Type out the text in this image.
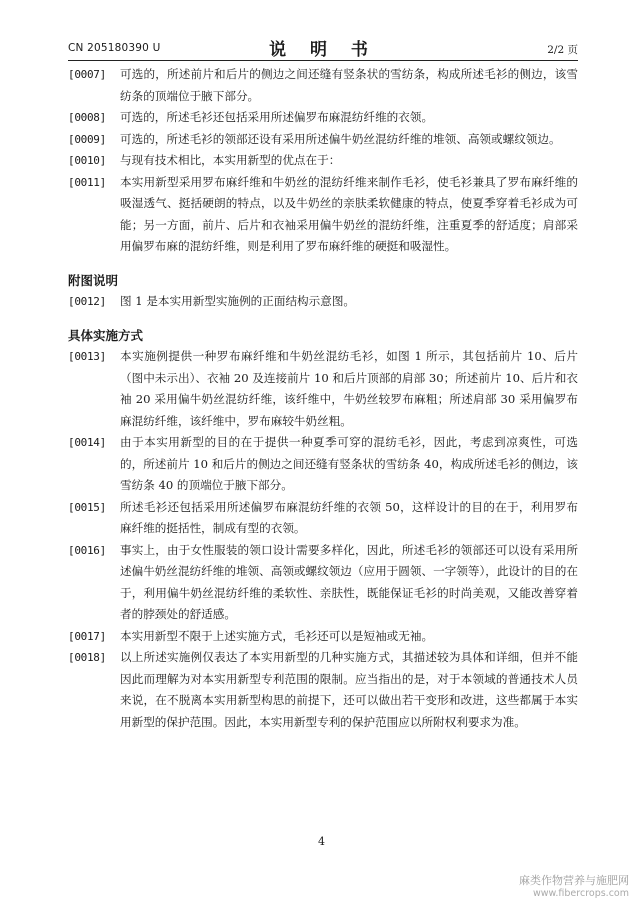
CN 205180390 U	说 明 书	2/2 页

[0007] 可选的，所述前片和后片的侧边之间还缝有竖条状的雪纺条，构成所述毛衫的侧边，该雪纺条的顶端位于腋下部分。

[0008] 可选的，所述毛衫还包括采用所述偏罗布麻混纺纤维的衣领。

[0009] 可选的，所述毛衫的领部还设有采用所述偏牛奶丝混纺纤维的堆领、高领或螺纹领边。

[0010] 与现有技术相比，本实用新型的优点在于：

[0011] 本实用新型采用罗布麻纤维和牛奶丝的混纺纤维来制作毛衫，使毛衫兼具了罗布麻纤维的吸湿透气、挺括硬朗的特点，以及牛奶丝的亲肤柔软健康的特点，使夏季穿着毛衫成为可能；另一方面，前片、后片和衣袖采用偏牛奶丝的混纺纤维，注重夏季的舒适度；肩部采用偏罗布麻的混纺纤维，则是利用了罗布麻纤维的硬挺和吸湿性。

附图说明

[0012] 图 1 是本实用新型实施例的正面结构示意图。

具体实施方式

[0013] 本实施例提供一种罗布麻纤维和牛奶丝混纺毛衫，如图 1 所示，其包括前片 10、后片（图中未示出）、衣袖 20 及连接前片 10 和后片顶部的肩部 30；所述前片 10、后片和衣袖 20 采用偏牛奶丝混纺纤维，该纤维中，牛奶丝较罗布麻粗；所述肩部 30 采用偏罗布麻混纺纤维，该纤维中，罗布麻较牛奶丝粗。

[0014] 由于本实用新型的目的在于提供一种夏季可穿的混纺毛衫，因此，考虑到凉爽性，可选的，所述前片 10 和后片的侧边之间还缝有竖条状的雪纺条 40，构成所述毛衫的侧边，该雪纺条 40 的顶端位于腋下部分。

[0015] 所述毛衫还包括采用所述偏罗布麻混纺纤维的衣领 50，这样设计的目的在于，利用罗布麻纤维的挺括性，制成有型的衣领。

[0016] 事实上，由于女性服装的领口设计需要多样化，因此，所述毛衫的领部还可以设有采用所述偏牛奶丝混纺纤维的堆领、高领或螺纹领边（应用于圆领、一字领等），此设计的目的在于，利用偏牛奶丝混纺纤维的柔软性、亲肤性，既能保证毛衫的时尚美观，又能改善穿着者的脖颈处的舒适感。

[0017] 本实用新型不限于上述实施方式，毛衫还可以是短袖或无袖。

[0018] 以上所述实施例仅表达了本实用新型的几种实施方式，其描述较为具体和详细，但并不能因此而理解为对本实用新型专利范围的限制。应当指出的是，对于本领域的普通技术人员来说，在不脱离本实用新型构思的前提下，还可以做出若干变形和改进，这些都属于本实用新型的保护范围。因此，本实用新型专利的保护范围应以所附权利要求为准。

4
麻类作物营养与施肥网
www.fibercrops.com
